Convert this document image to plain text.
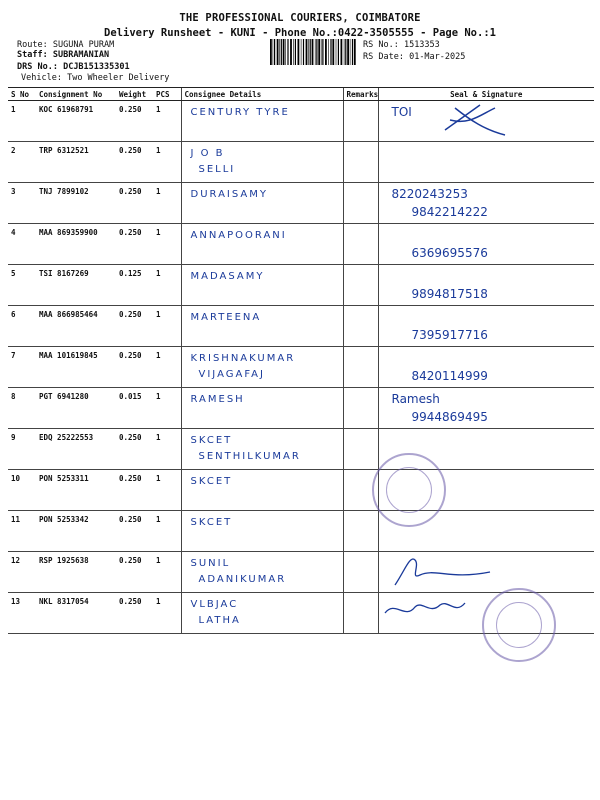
THE PROFESSIONAL COURIERS, COIMBATORE
Delivery Runsheet - KUNI - Phone No.:0422-3505555 - Page No.:1
Route: SUGUNA PURAM
Staff: SUBRAMANIAN
DRS No.: DCJB151335301
Vehicle: Two Wheeler Delivery
RS No.: 1513353
RS Date: 01-Mar-2025
S No	Consignment No	Weight	PCS	Consignee Details	Remarks	Seal & Signature
1	KOC 61968791	0.250	1	CENTURY TYRE		TOI

2	TRP 6312521	0.250	1	J O B
SELLI		

3	TNJ 7899102	0.250	1	DURAISAMY		8220243253
9842214222

4	MAA 869359900	0.250	1	ANNAPOORANI		6369695576

5	TSI 8167269	0.125	1	MADASAMY		9894817518

6	MAA 866985464	0.250	1	MARTEENA		7395917716

7	MAA 101619845	0.250	1	KRISHNAKUMAR
VIJAGAFAJ		8420114999

8	PGT 6941280	0.015	1	RAMESH		Ramesh
9944869495

9	EDQ 25222553	0.250	1	SKCET
SENTHILKUMAR		

10	PON 5253311	0.250	1	SKCET		

11	PON 5253342	0.250	1	SKCET		

12	RSP 1925638	0.250	1	SUNIL
ADANIKUMAR		

13	NKL 8317054	0.250	1	VLBJAC
LATHA		
